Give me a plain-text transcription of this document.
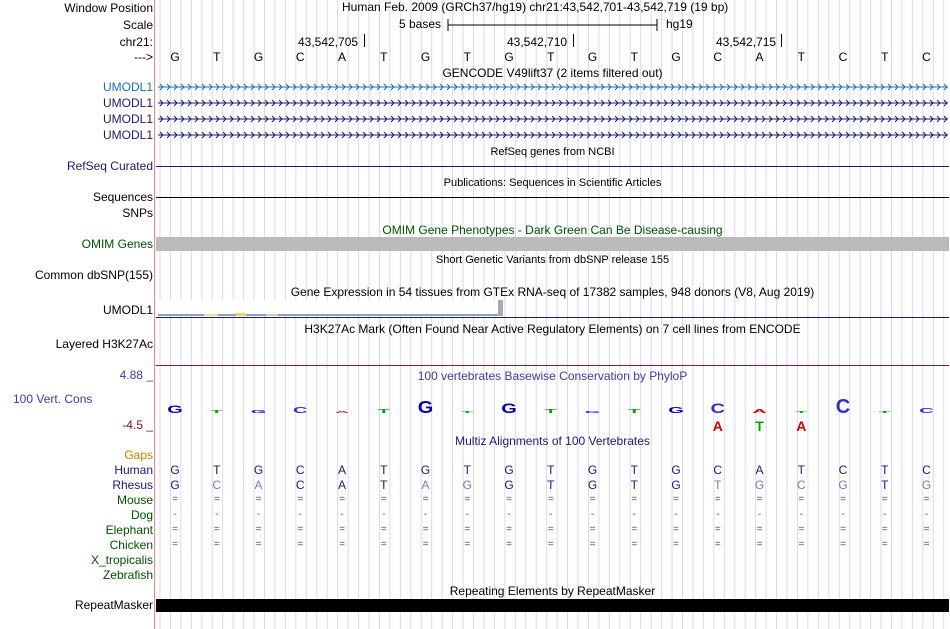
Window Position	Human Feb. 2009 (GRCh37/hg19) chr21:43,542,701-43,542,719 (19 bp)
Scale	5 bases	hg19
chr21:	43,542,705	43,542,710	43,542,715
--->	G	T	G	C	A	T	G	T	G	T	G	T	G	C	A	T	C	T	C
GENCODE V49lift37 (2 items filtered out)
UMODL1
UMODL1
UMODL1
UMODL1
RefSeq genes from NCBI
RefSeq Curated
Publications: Sequences in Scientific Articles
Sequences
SNPs
OMIM Gene Phenotypes - Dark Green Can Be Disease-causing
OMIM Genes
Short Genetic Variants from dbSNP release 155
Common dbSNP(155)
Gene Expression in 54 tissues from GTEx RNA-seq of 17382 samples, 948 donors (V8, Aug 2019)
UMODL1
H3K27Ac Mark (Often Found Near Active Regulatory Elements) on 7 cell lines from ENCODE
Layered H3K27Ac
100 vertebrates Basewise Conservation by PhyloP
4.88 _
100 Vert. Cons
-4.5 _
G T G C A T G T G T G T G C A T C T C
A T A
Multiz Alignments of 100 Vertebrates
Gaps
Human	G	T	G	C	A	T	G	T	G	T	G	T	G	C	A	T	C	T	C
Rhesus	G	C	A	C	A	T	A	G	G	T	G	T	G	T	G	C	G	T	G
Mouse	=	=	=	=	=	=	=	=	=	=	=	=	=	=	=	=	=	=	=
Dog	-	-	-	-	-	-	-	-	-	-	-	-	-	-	-	-	-	-	-
Elephant	=	=	=	=	=	=	=	=	=	=	=	=	=	=	=	=	=	=	=
Chicken	=	=	=	=	=	=	=	=	=	=	=	=	=	=	=	=	=	=	=
X_tropicalis
Zebrafish
Repeating Elements by RepeatMasker
RepeatMasker
